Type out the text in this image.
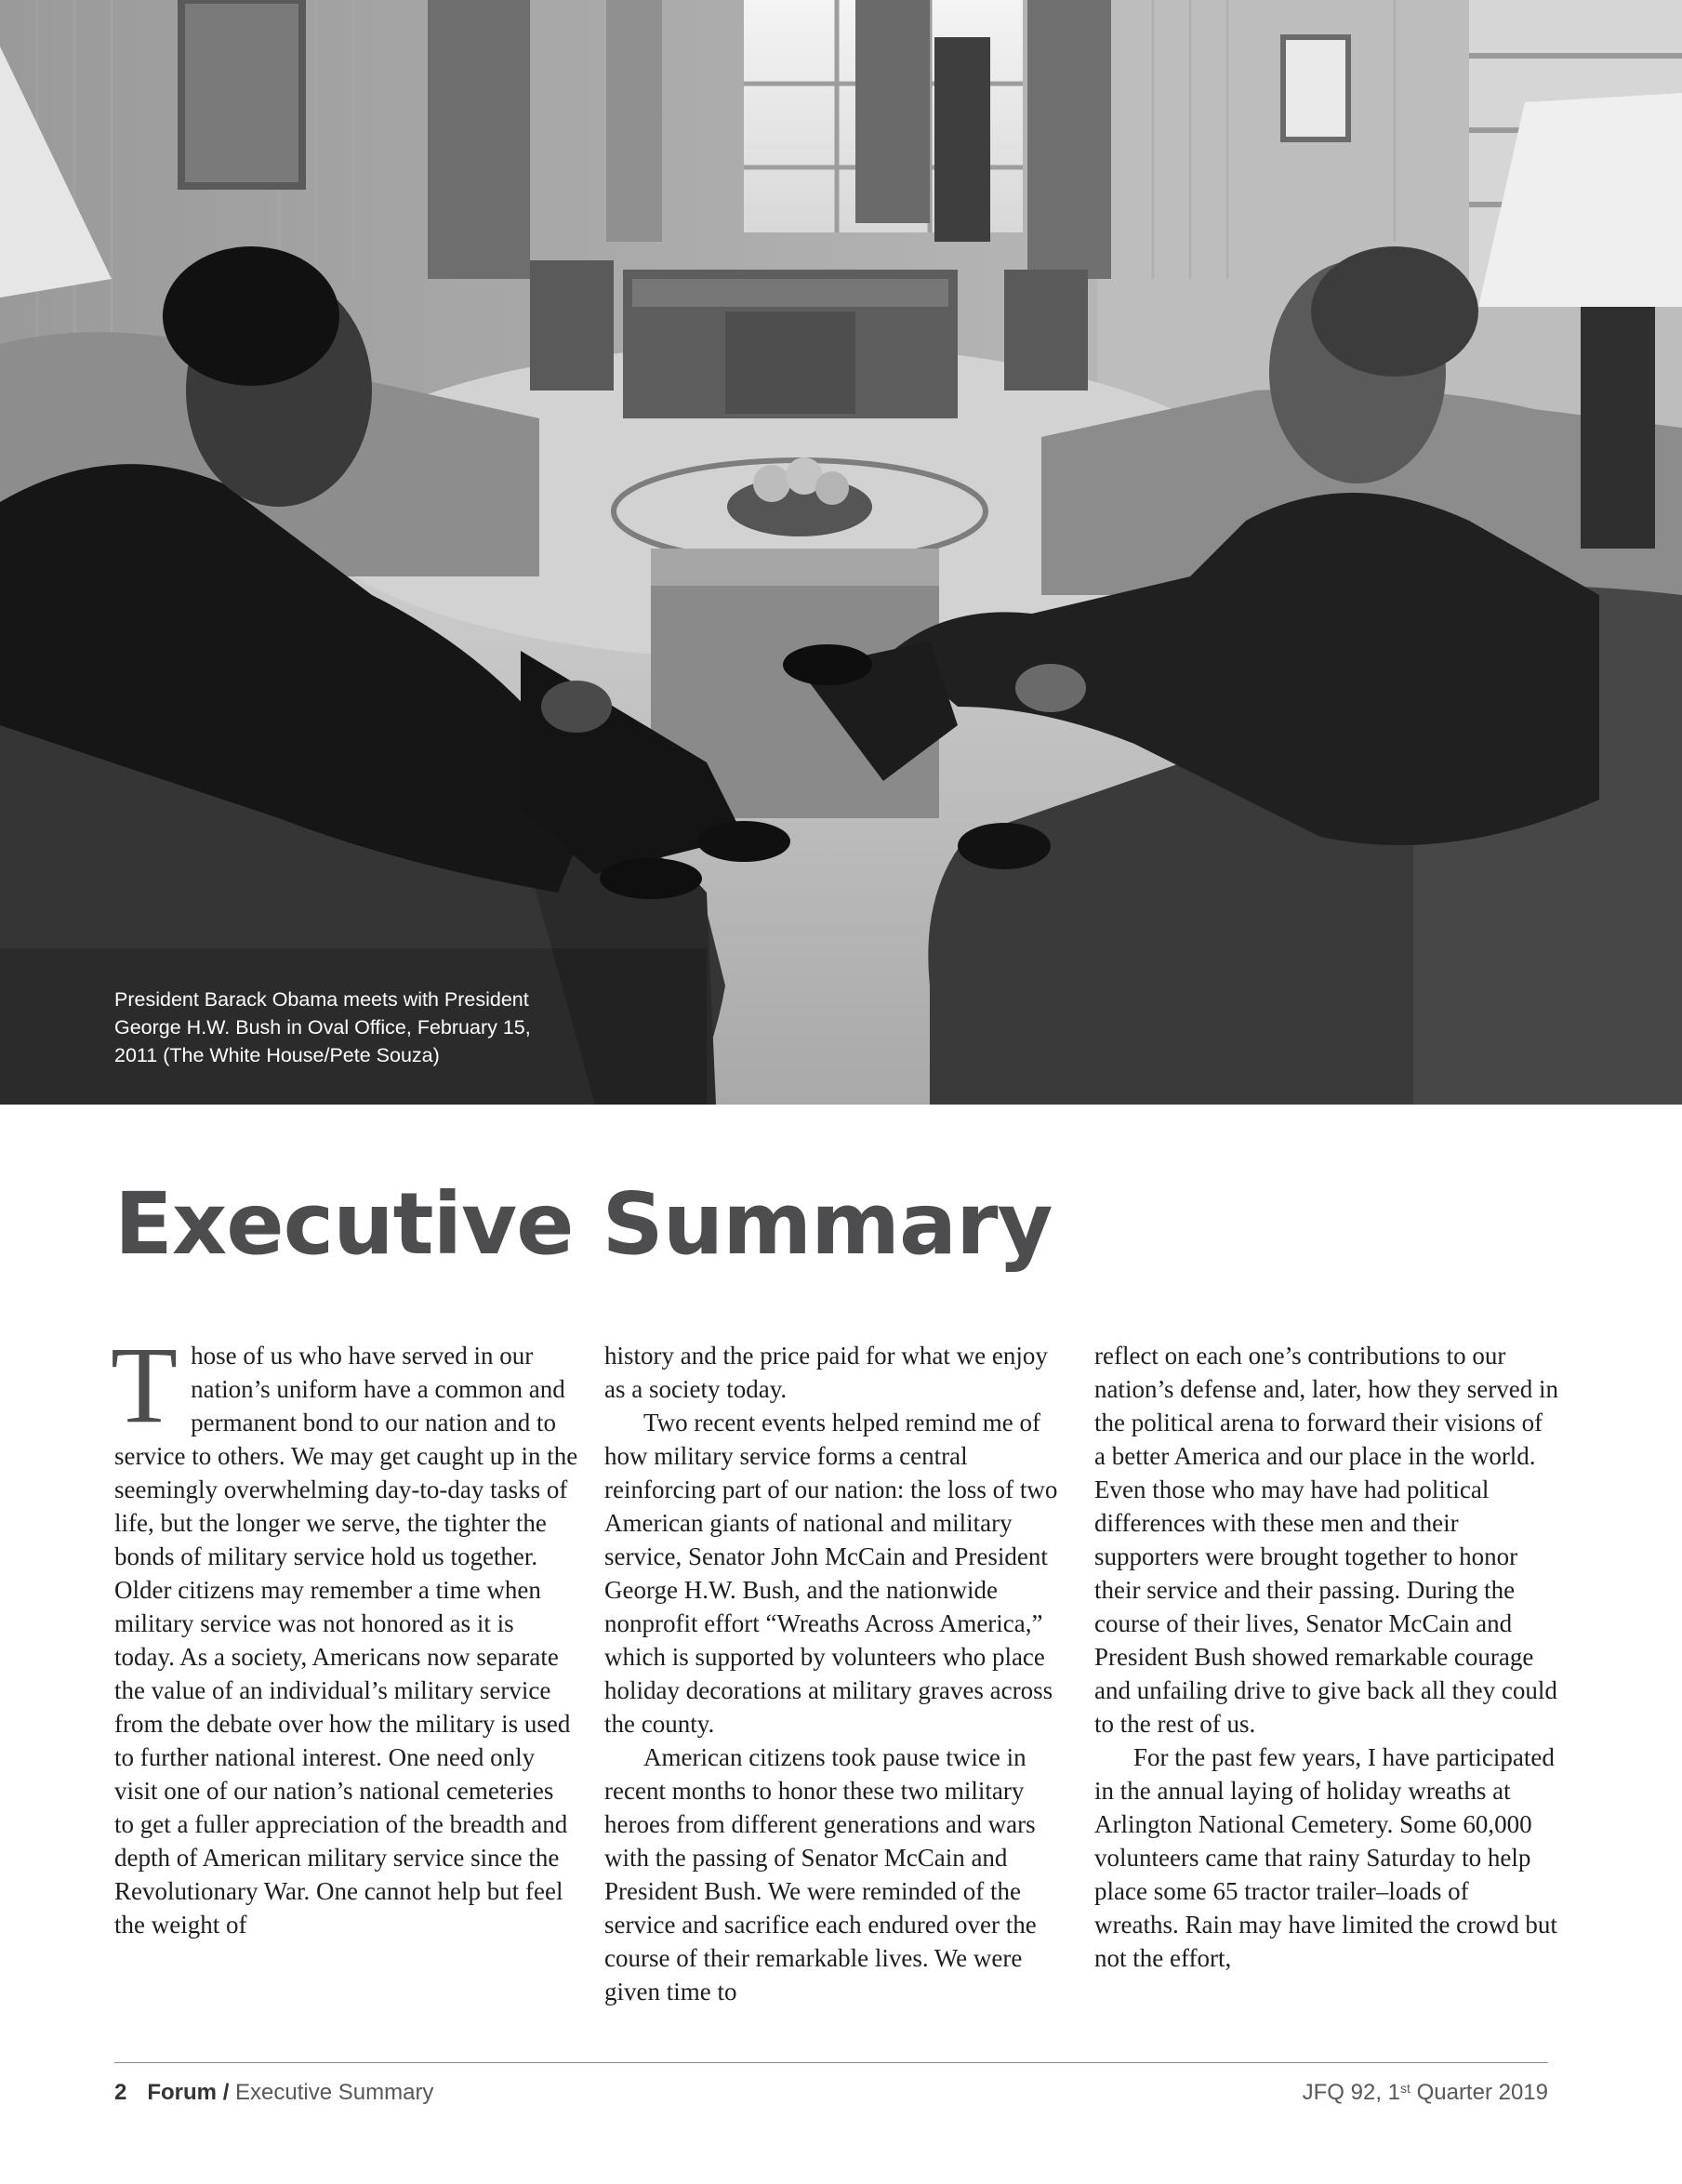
President Barack Obama meets with President
George H.W. Bush in Oval Office, February 15,
2011 (The White House/Pete Souza)
Executive Summary

Those of us who have served in our nation’s uniform have a common and permanent bond to our nation and to service to others. We may get caught up in the seemingly overwhelming day-to-day tasks of life, but the longer we serve, the tighter the bonds of military service hold us together. Older citizens may remember a time when military service was not honored as it is today. As a society, Americans now separate the value of an individual’s military service from the debate over how the military is used to further national interest. One need only visit one of our nation’s national cemeteries to get a fuller appreciation of the breadth and depth of American military service since the Revolutionary War. One cannot help but feel the weight of

history and the price paid for what we enjoy as a society today.

Two recent events helped remind me of how military service forms a central reinforcing part of our nation: the loss of two American giants of national and military service, Senator John McCain and President George H.W. Bush, and the nationwide nonprofit effort “Wreaths Across America,” which is supported by volunteers who place holiday decorations at military graves across the county.

American citizens took pause twice in recent months to honor these two military heroes from different generations and wars with the passing of Senator McCain and President Bush. We were reminded of the service and sacrifice each endured over the course of their remarkable lives. We were given time to

reflect on each one’s contributions to our nation’s defense and, later, how they served in the political arena to forward their visions of a better America and our place in the world. Even those who may have had political differences with these men and their supporters were brought together to honor their service and their passing. During the course of their lives, Senator McCain and President Bush showed remarkable courage and unfailing drive to give back all they could to the rest of us.

For the past few years, I have participated in the annual laying of holiday wreaths at Arlington National Cemetery. Some 60,000 volunteers came that rainy Saturday to help place some 65 tractor trailer–loads of wreaths. Rain may have limited the crowd but not the effort,

2 Forum / Executive Summary	JFQ 92, 1st Quarter 2019
